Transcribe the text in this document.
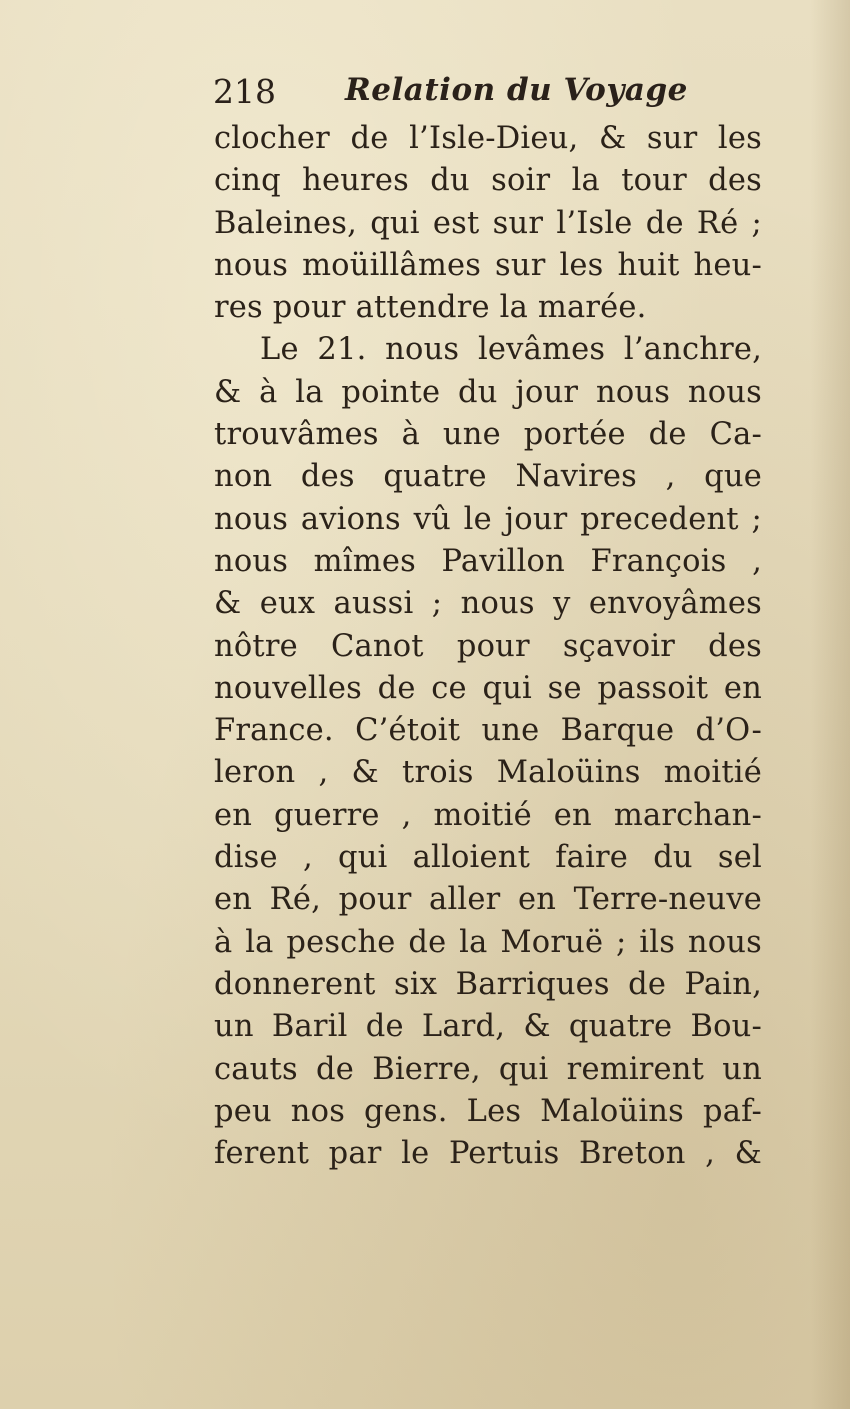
218 Relation du Voyage
clocher de l’Isle-Dieu, & sur les
cinq heures du soir la tour des
Baleines, qui est sur l’Isle de Ré ;
nous moüillâmes sur les huit heu-
res pour attendre la marée.
Le 21. nous levâmes l’anchre,
& à la pointe du jour nous nous
trouvâmes à une portée de Ca-
non des quatre Navires , que
nous avions vû le jour precedent ;
nous mîmes Pavillon François ,
& eux aussi ; nous y envoyâmes
nôtre Canot pour sçavoir des
nouvelles de ce qui se passoit en
France. C’étoit une Barque d’O-
leron , & trois Maloüins moitié
en guerre , moitié en marchan-
dise , qui alloient faire du sel
en Ré, pour aller en Terre-neuve
à la pesche de la Moruë ; ils nous
donnerent six Barriques de Pain,
un Baril de Lard, & quatre Bou-
cauts de Bierre, qui remirent un
peu nos gens. Les Maloüins paf-
ferent par le Pertuis Breton , &
